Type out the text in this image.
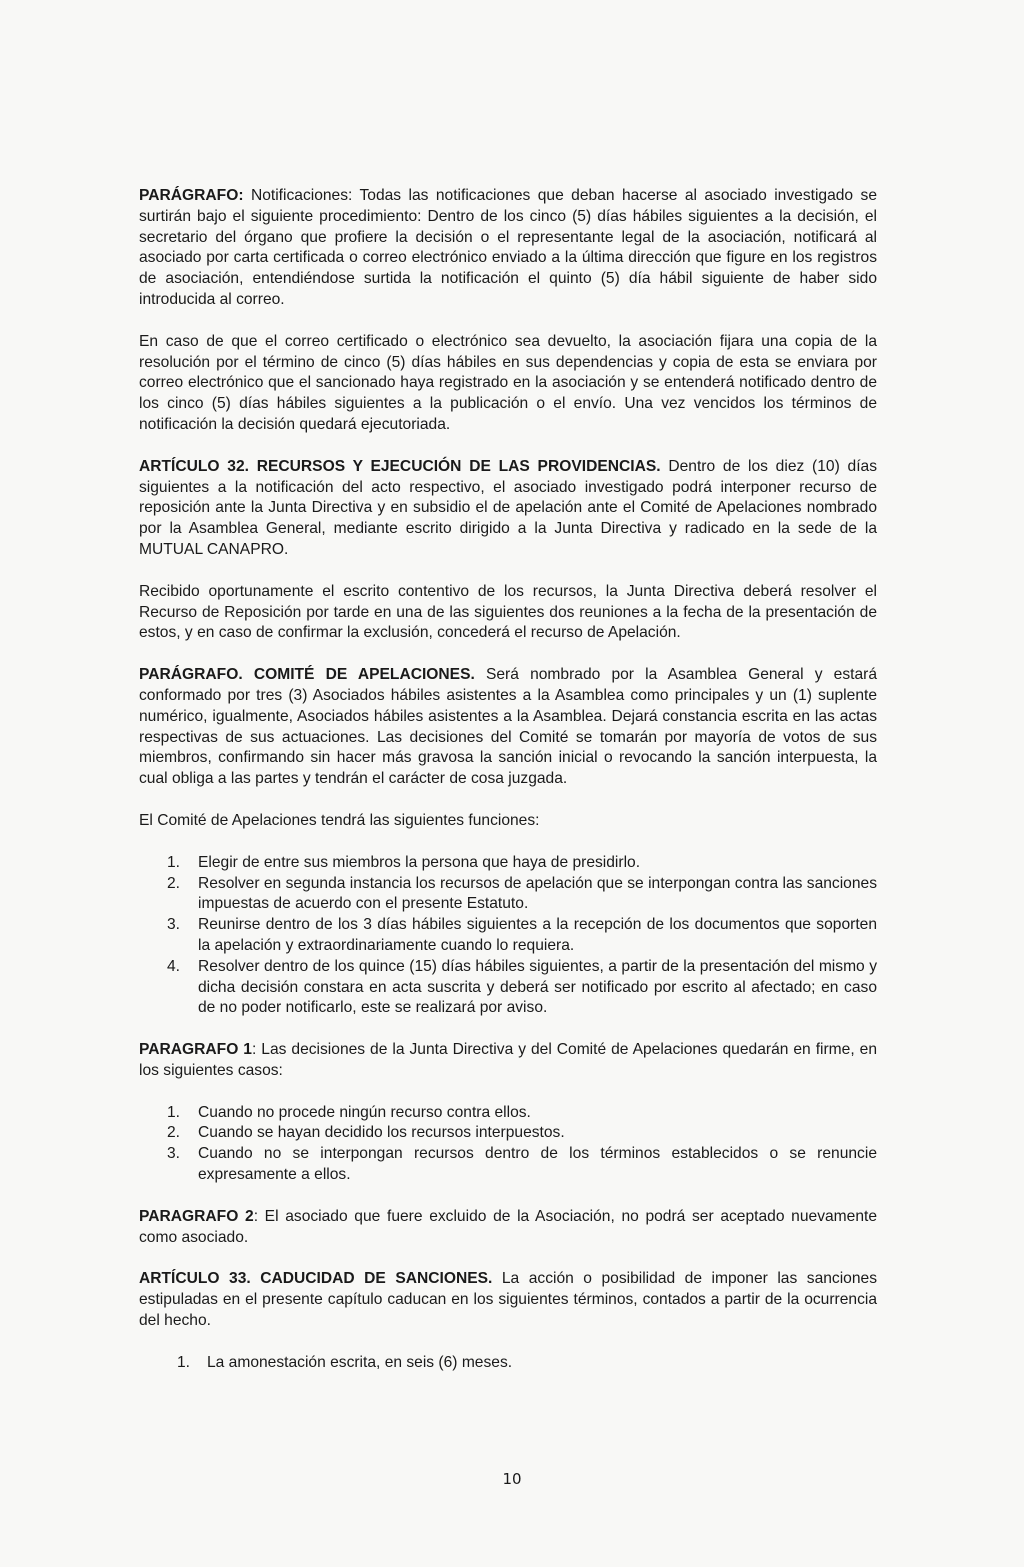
PARÁGRAFO: Notificaciones: Todas las notificaciones que deban hacerse al asociado investigado se surtirán bajo el siguiente procedimiento: Dentro de los cinco (5) días hábiles siguientes a la decisión, el secretario del órgano que profiere la decisión o el representante legal de la asociación, notificará al asociado por carta certificada o correo electrónico enviado a la última dirección que figure en los registros de asociación, entendiéndose surtida la notificación el quinto (5) día hábil siguiente de haber sido introducida al correo.

En caso de que el correo certificado o electrónico sea devuelto, la asociación fijara una copia de la resolución por el término de cinco (5) días hábiles en sus dependencias y copia de esta se enviara por correo electrónico que el sancionado haya registrado en la asociación y se entenderá notificado dentro de los cinco (5) días hábiles siguientes a la publicación o el envío. Una vez vencidos los términos de notificación la decisión quedará ejecutoriada.

ARTÍCULO 32. RECURSOS Y EJECUCIÓN DE LAS PROVIDENCIAS. Dentro de los diez (10) días siguientes a la notificación del acto respectivo, el asociado investigado podrá interponer recurso de reposición ante la Junta Directiva y en subsidio el de apelación ante el Comité de Apelaciones nombrado por la Asamblea General, mediante escrito dirigido a la Junta Directiva y radicado en la sede de la MUTUAL CANAPRO.

Recibido oportunamente el escrito contentivo de los recursos, la Junta Directiva deberá resolver el Recurso de Reposición por tarde en una de las siguientes dos reuniones a la fecha de la presentación de estos, y en caso de confirmar la exclusión, concederá el recurso de Apelación.

PARÁGRAFO. COMITÉ DE APELACIONES. Será nombrado por la Asamblea General y estará conformado por tres (3) Asociados hábiles asistentes a la Asamblea como principales y un (1) suplente numérico, igualmente, Asociados hábiles asistentes a la Asamblea. Dejará constancia escrita en las actas respectivas de sus actuaciones. Las decisiones del Comité se tomarán por mayoría de votos de sus miembros, confirmando sin hacer más gravosa la sanción inicial o revocando la sanción interpuesta, la cual obliga a las partes y tendrán el carácter de cosa juzgada.

El Comité de Apelaciones tendrá las siguientes funciones:

1. Elegir de entre sus miembros la persona que haya de presidirlo.
2. Resolver en segunda instancia los recursos de apelación que se interpongan contra las sanciones impuestas de acuerdo con el presente Estatuto.
3. Reunirse dentro de los 3 días hábiles siguientes a la recepción de los documentos que soporten la apelación y extraordinariamente cuando lo requiera.
4. Resolver dentro de los quince (15) días hábiles siguientes, a partir de la presentación del mismo y dicha decisión constara en acta suscrita y deberá ser notificado por escrito al afectado; en caso de no poder notificarlo, este se realizará por aviso.

PARAGRAFO 1: Las decisiones de la Junta Directiva y del Comité de Apelaciones quedarán en firme, en los siguientes casos:

1. Cuando no procede ningún recurso contra ellos.
2. Cuando se hayan decidido los recursos interpuestos.
3. Cuando no se interpongan recursos dentro de los términos establecidos o se renuncie expresamente a ellos.

PARAGRAFO 2: El asociado que fuere excluido de la Asociación, no podrá ser aceptado nuevamente como asociado.

ARTÍCULO 33. CADUCIDAD DE SANCIONES. La acción o posibilidad de imponer las sanciones estipuladas en el presente capítulo caducan en los siguientes términos, contados a partir de la ocurrencia del hecho.

1. La amonestación escrita, en seis (6) meses.
10
